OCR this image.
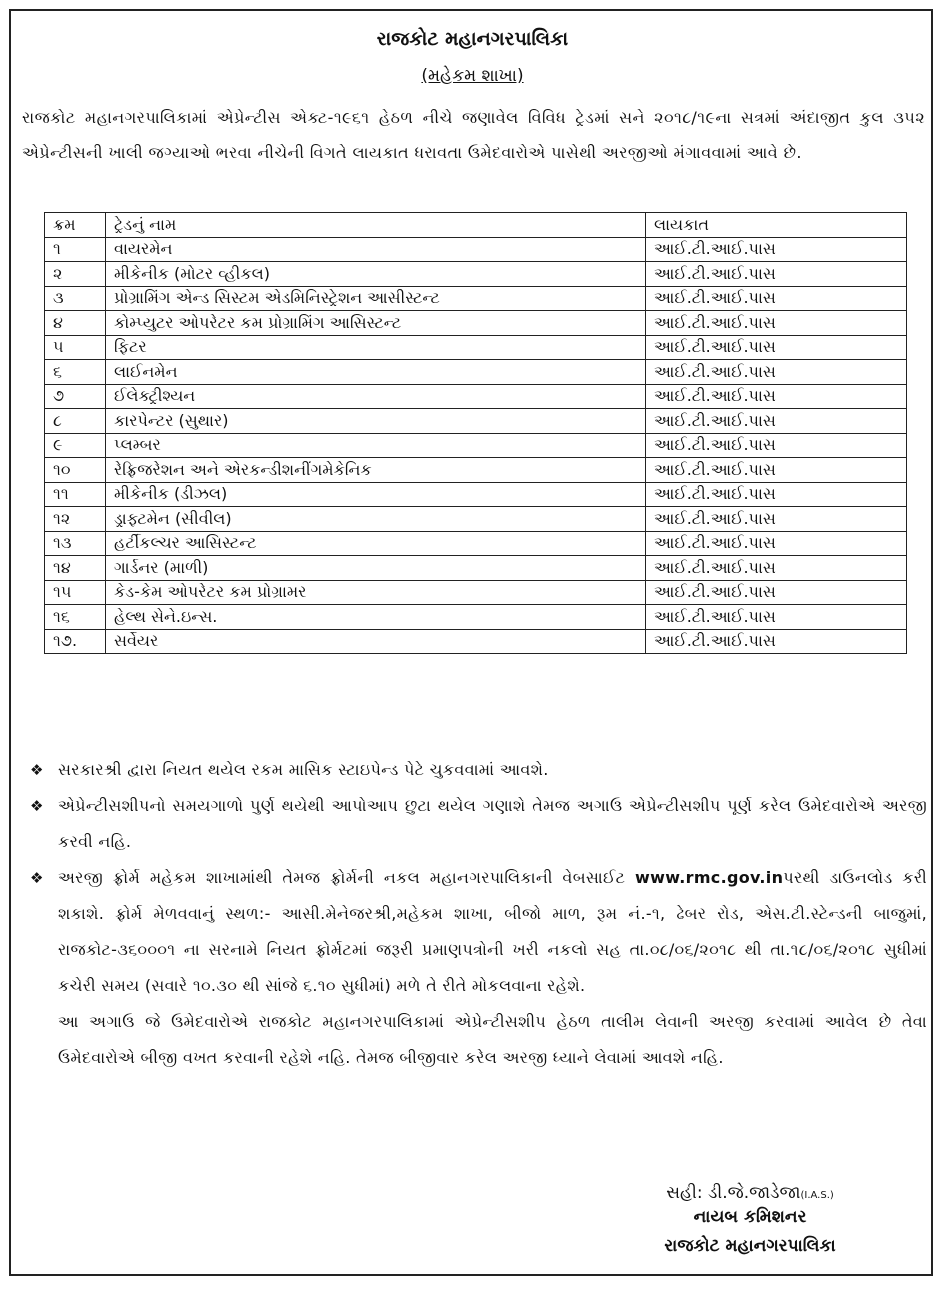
રાજકોટ મહાનગરપાલિકા
(મહેકમ શાખા)
રાજકોટ મહાનગરપાલિકામાં એપ્રેન્ટીસ એક્ટ-૧૯૬૧ હેઠળ નીચે જણાવેલ વિવિધ ટ્રેડમાં સને ૨૦૧૮/૧૯ના સત્રમાં અંદાજીત કુલ ૩૫૨ એપ્રેન્ટીસની ખાલી જગ્યાઓ ભરવા નીચેની વિગતે લાયકાત ધરાવતા ઉમેદવારોએ પાસેથી અરજીઓ મંગાવવામાં આવે છે.
ક્રમ	ટ્રેડનું નામ	લાયકાત
૧	વાયરમેન	આઈ.ટી.આઈ.પાસ
૨	મીકેનીક (મોટર વ્હીકલ)	આઈ.ટી.આઈ.પાસ
૩	પ્રોગ્રામિંગ એન્ડ સિસ્ટમ એડમિનિસ્ટ્રેશન આસીસ્ટન્ટ	આઈ.ટી.આઈ.પાસ
૪	કોમ્પ્યુટર ઓપરેટર કમ પ્રોગ્રામિંગ આસિસ્ટન્ટ	આઈ.ટી.આઈ.પાસ
૫	ફિટર	આઈ.ટી.આઈ.પાસ
૬	લાઈનમેન	આઈ.ટી.આઈ.પાસ
૭	ઈલેક્ટ્રીશ્યન	આઈ.ટી.આઈ.પાસ
૮	કારપેન્ટર (સુથાર)	આઈ.ટી.આઈ.પાસ
૯	પ્લમ્બર	આઈ.ટી.આઈ.પાસ
૧૦	રેફ્રિજરેશન અને એરકન્ડીશનીંગમેકેનિક	આઈ.ટી.આઈ.પાસ
૧૧	મીકેનીક (ડીઝલ)	આઈ.ટી.આઈ.પાસ
૧૨	ડ્રાફ્ટમેન (સીવીલ)	આઈ.ટી.આઈ.પાસ
૧૩	હર્ટીકલ્ચર આસિસ્ટન્ટ	આઈ.ટી.આઈ.પાસ
૧૪	ગાર્ડનર (માળી)	આઈ.ટી.આઈ.પાસ
૧૫	કેડ-કેમ ઓપરેટર કમ પ્રોગ્રામર	આઈ.ટી.આઈ.પાસ
૧૬	હેલ્થ સેને.ઇન્સ.	આઈ.ટી.આઈ.પાસ
૧૭.	સર્વેયર	આઈ.ટી.આઈ.પાસ
❖ સરકારશ્રી દ્વારા નિયત થયેલ રકમ માસિક સ્ટાઇપેન્ડ પેટે ચુકવવામાં આવશે.
❖ એપ્રેન્ટીસશીપનો સમયગાળો પુર્ણ થયેથી આપોઆપ છુટા થયેલ ગણાશે તેમજ અગાઉ એપ્રેન્ટીસશીપ પૂર્ણ કરેલ ઉમેદવારોએ અરજી કરવી નહિ.
❖ અરજી ફ્રોર્મ મહેકમ શાખામાંથી તેમજ ફ્રોર્મની નકલ મહાનગરપાલિકાની વેબસાઈટ www.rmc.gov.inપરથી ડાઉનલોડ કરી શકાશે. ફ્રોર્મ મેળવવાનું સ્થળ:- આસી.મેનેજરશ્રી,મહેકમ શાખા, બીજો માળ, રૂમ નં.-૧, ઢેબર રોડ, એસ.ટી.સ્ટેન્ડની બાજુમાં, રાજકોટ-૩૬૦૦૦૧ ના સરનામે નિયત ફ્રોર્મટમાં જરૂરી પ્રમાણપત્રોની ખરી નકલો સહ તા.૦૮/૦૬/૨૦૧૮ થી તા.૧૮/૦૬/૨૦૧૮ સુધીમાં કચેરી સમય (સવારે ૧૦.૩૦ થી સાંજે ૬.૧૦ સુધીમાં) મળે તે રીતે મોકલવાના રહેશે.
આ અગાઉ જે ઉમેદવારોએ રાજકોટ મહાનગરપાલિકામાં એપ્રેન્ટીસશીપ હેઠળ તાલીમ લેવાની અરજી કરવામાં આવેલ છે તેવા ઉમેદવારોએ બીજી વખત કરવાની રહેશે નહિ. તેમજ બીજીવાર કરેલ અરજી ધ્યાને લેવામાં આવશે નહિ.
સહી: ડી.જે.જાડેજા(I.A.S.)
નાયબ કમિશનર
રાજકોટ મહાનગરપાલિકા
